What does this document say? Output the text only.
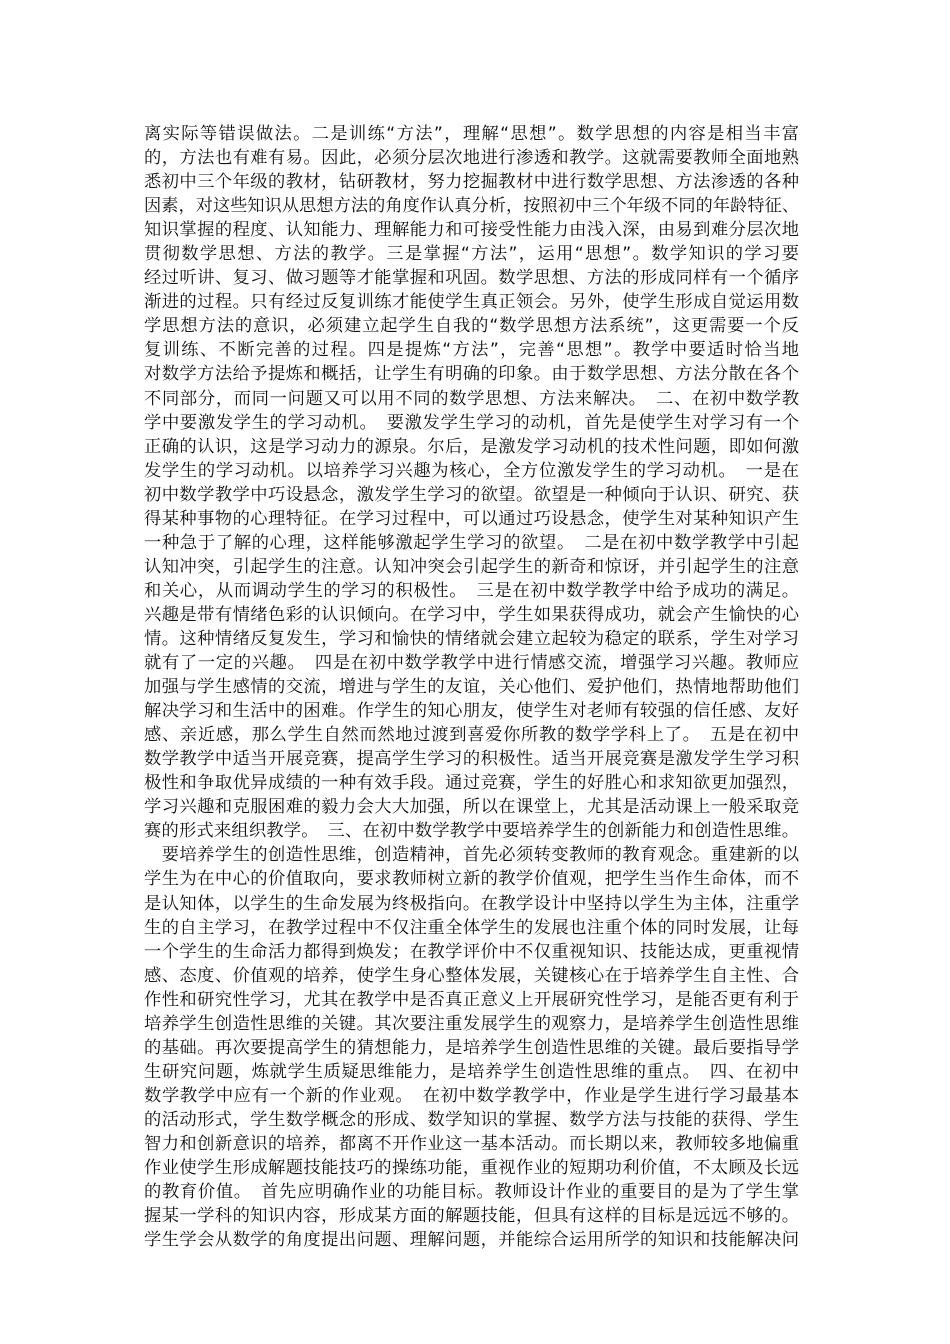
离实际等错误做法。二是训练“方法”，理解“思想”。数学思想的内容是相当丰富
的，方法也有难有易。因此，必须分层次地进行渗透和教学。这就需要教师全面地熟
悉初中三个年级的教材，钻研教材，努力挖掘教材中进行数学思想、方法渗透的各种
因素，对这些知识从思想方法的角度作认真分析，按照初中三个年级不同的年龄特征、
知识掌握的程度、认知能力、理解能力和可接受性能力由浅入深，由易到难分层次地
贯彻数学思想、方法的教学。三是掌握“方法”，运用“思想”。数学知识的学习要
经过听讲、复习、做习题等才能掌握和巩固。数学思想、方法的形成同样有一个循序
渐进的过程。只有经过反复训练才能使学生真正领会。另外，使学生形成自觉运用数
学思想方法的意识，必须建立起学生自我的“数学思想方法系统”，这更需要一个反
复训练、不断完善的过程。四是提炼“方法”，完善“思想”。教学中要适时恰当地
对数学方法给予提炼和概括，让学生有明确的印象。由于数学思想、方法分散在各个
不同部分，而同一问题又可以用不同的数学思想、方法来解决。　二、在初中数学教
学中要激发学生的学习动机。　要激发学生学习的动机，首先是使学生对学习有一个
正确的认识，这是学习动力的源泉。尔后，是激发学习动机的技术性问题，即如何激
发学生的学习动机。以培养学习兴趣为核心，全方位激发学生的学习动机。　一是在
初中数学教学中巧设悬念，激发学生学习的欲望。欲望是一种倾向于认识、研究、获
得某种事物的心理特征。在学习过程中，可以通过巧设悬念，使学生对某种知识产生
一种急于了解的心理，这样能够激起学生学习的欲望。　二是在初中数学教学中引起
认知冲突，引起学生的注意。认知冲突会引起学生的新奇和惊讶，并引起学生的注意
和关心，从而调动学生的学习的积极性。　三是在初中数学教学中给予成功的满足。
兴趣是带有情绪色彩的认识倾向。在学习中，学生如果获得成功，就会产生愉快的心
情。这种情绪反复发生，学习和愉快的情绪就会建立起较为稳定的联系，学生对学习
就有了一定的兴趣。　四是在初中数学教学中进行情感交流，增强学习兴趣。教师应
加强与学生感情的交流，增进与学生的友谊，关心他们、爱护他们，热情地帮助他们
解决学习和生活中的困难。作学生的知心朋友，使学生对老师有较强的信任感、友好
感、亲近感，那么学生自然而然地过渡到喜爱你所教的数学学科上了。　五是在初中
数学教学中适当开展竞赛，提高学生学习的积极性。适当开展竞赛是激发学生学习积
极性和争取优异成绩的一种有效手段。通过竞赛，学生的好胜心和求知欲更加强烈，
学习兴趣和克服困难的毅力会大大加强，所以在课堂上，尤其是活动课上一般采取竞
赛的形式来组织教学。　三、在初中数学教学中要培养学生的创新能力和创造性思维。
　要培养学生的创造性思维，创造精神，首先必须转变教师的教育观念。重建新的以
学生为在中心的价值取向，要求教师树立新的教学价值观，把学生当作生命体，而不
是认知体，以学生的生命发展为终极指向。在教学设计中坚持以学生为主体，注重学
生的自主学习，在教学过程中不仅注重全体学生的发展也注重个体的同时发展，让每
一个学生的生命活力都得到焕发；在教学评价中不仅重视知识、技能达成，更重视情
感、态度、价值观的培养，使学生身心整体发展，关键核心在于培养学生自主性、合
作性和研究性学习，尤其在教学中是否真正意义上开展研究性学习，是能否更有利于
培养学生创造性思维的关键。其次要注重发展学生的观察力，是培养学生创造性思维
的基础。再次要提高学生的猜想能力，是培养学生创造性思维的关键。最后要指导学
生研究问题，炼就学生质疑思维能力，是培养学生创造性思维的重点。　四、在初中
数学教学中应有一个新的作业观。　在初中数学教学中，作业是学生进行学习最基本
的活动形式，学生数学概念的形成、数学知识的掌握、数学方法与技能的获得、学生
智力和创新意识的培养，都离不开作业这一基本活动。而长期以来，教师较多地偏重
作业使学生形成解题技能技巧的操练功能，重视作业的短期功利价值，不太顾及长远
的教育价值。　首先应明确作业的功能目标。教师设计作业的重要目的是为了学生掌
握某一学科的知识内容，形成某方面的解题技能，但具有这样的目标是远远不够的。
学生学会从数学的角度提出问题、理解问题，并能综合运用所学的知识和技能解决问
